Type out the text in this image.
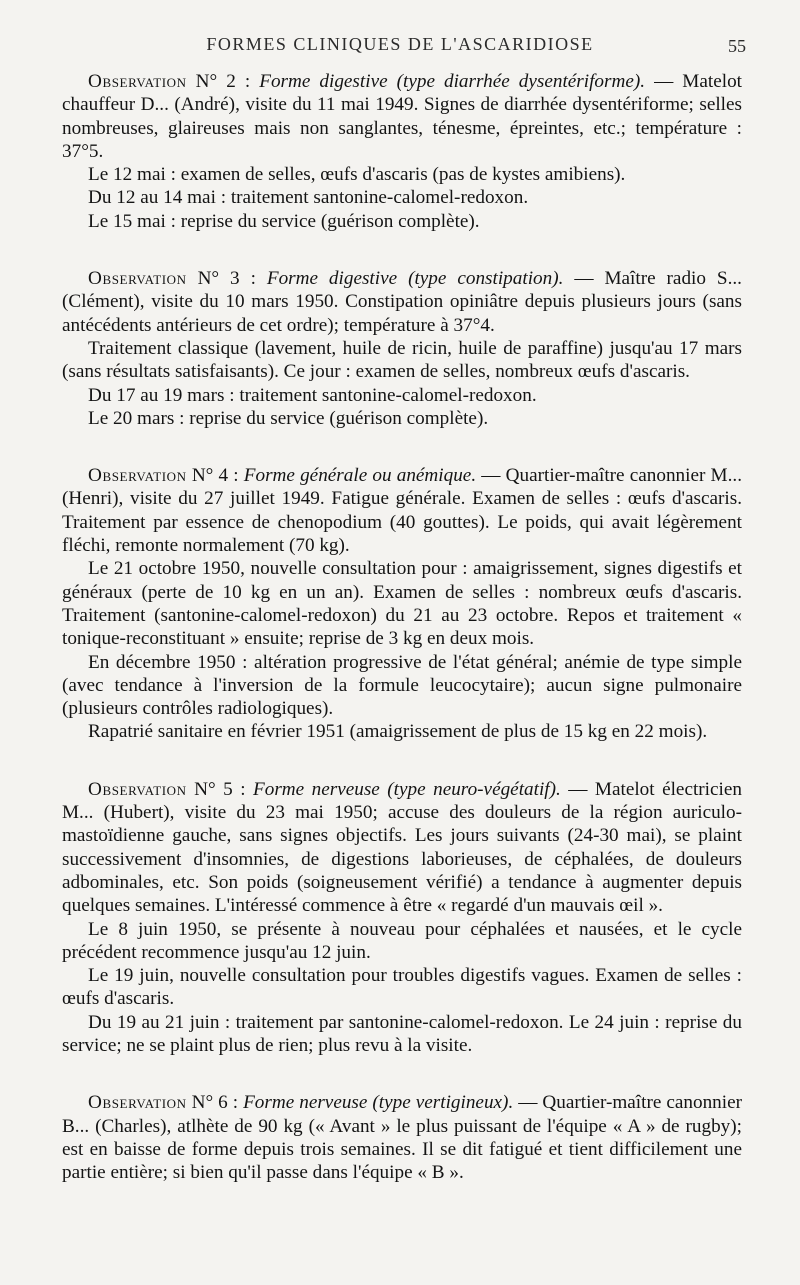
FORMES CLINIQUES DE L'ASCARIDIOSE	55

Observation N° 2 : Forme digestive (type diarrhée dysentériforme). — Matelot chauffeur D... (André), visite du 11 mai 1949. Signes de diarrhée dysentériforme; selles nombreuses, glaireuses mais non sanglantes, ténesme, épreintes, etc.; température : 37°5.

Le 12 mai : examen de selles, œufs d'ascaris (pas de kystes amibiens).

Du 12 au 14 mai : traitement santonine-calomel-redoxon.

Le 15 mai : reprise du service (guérison complète).

Observation N° 3 : Forme digestive (type constipation). — Maître radio S... (Clément), visite du 10 mars 1950. Constipation opiniâtre depuis plusieurs jours (sans antécédents antérieurs de cet ordre); température à 37°4.

Traitement classique (lavement, huile de ricin, huile de paraffine) jusqu'au 17 mars (sans résultats satisfaisants). Ce jour : examen de selles, nombreux œufs d'ascaris.

Du 17 au 19 mars : traitement santonine-calomel-redoxon.

Le 20 mars : reprise du service (guérison complète).

Observation N° 4 : Forme générale ou anémique. — Quartier-maître canonnier M... (Henri), visite du 27 juillet 1949. Fatigue générale. Examen de selles : œufs d'ascaris. Traitement par essence de chenopodium (40 gouttes). Le poids, qui avait légèrement fléchi, remonte normalement (70 kg).

Le 21 octobre 1950, nouvelle consultation pour : amaigrissement, signes digestifs et généraux (perte de 10 kg en un an). Examen de selles : nombreux œufs d'ascaris. Traitement (santonine-calomel-redoxon) du 21 au 23 octobre. Repos et traitement « tonique-reconstituant » ensuite; reprise de 3 kg en deux mois.

En décembre 1950 : altération progressive de l'état général; anémie de type simple (avec tendance à l'inversion de la formule leucocytaire); aucun signe pulmonaire (plusieurs contrôles radiologiques).

Rapatrié sanitaire en février 1951 (amaigrissement de plus de 15 kg en 22 mois).

Observation N° 5 : Forme nerveuse (type neuro-végétatif). — Matelot électricien M... (Hubert), visite du 23 mai 1950; accuse des douleurs de la région auriculo-mastoïdienne gauche, sans signes objectifs. Les jours suivants (24-30 mai), se plaint successivement d'insomnies, de digestions laborieuses, de céphalées, de douleurs adbominales, etc. Son poids (soigneusement vérifié) a tendance à augmenter depuis quelques semaines. L'intéressé commence à être « regardé d'un mauvais œil ».

Le 8 juin 1950, se présente à nouveau pour céphalées et nausées, et le cycle précédent recommence jusqu'au 12 juin.

Le 19 juin, nouvelle consultation pour troubles digestifs vagues. Examen de selles : œufs d'ascaris.

Du 19 au 21 juin : traitement par santonine-calomel-redoxon. Le 24 juin : reprise du service; ne se plaint plus de rien; plus revu à la visite.

Observation N° 6 : Forme nerveuse (type vertigineux). — Quartier-maître canonnier B... (Charles), atlhète de 90 kg (« Avant » le plus puissant de l'équipe « A » de rugby); est en baisse de forme depuis trois semaines. Il se dit fatigué et tient difficilement une partie entière; si bien qu'il passe dans l'équipe « B ».
